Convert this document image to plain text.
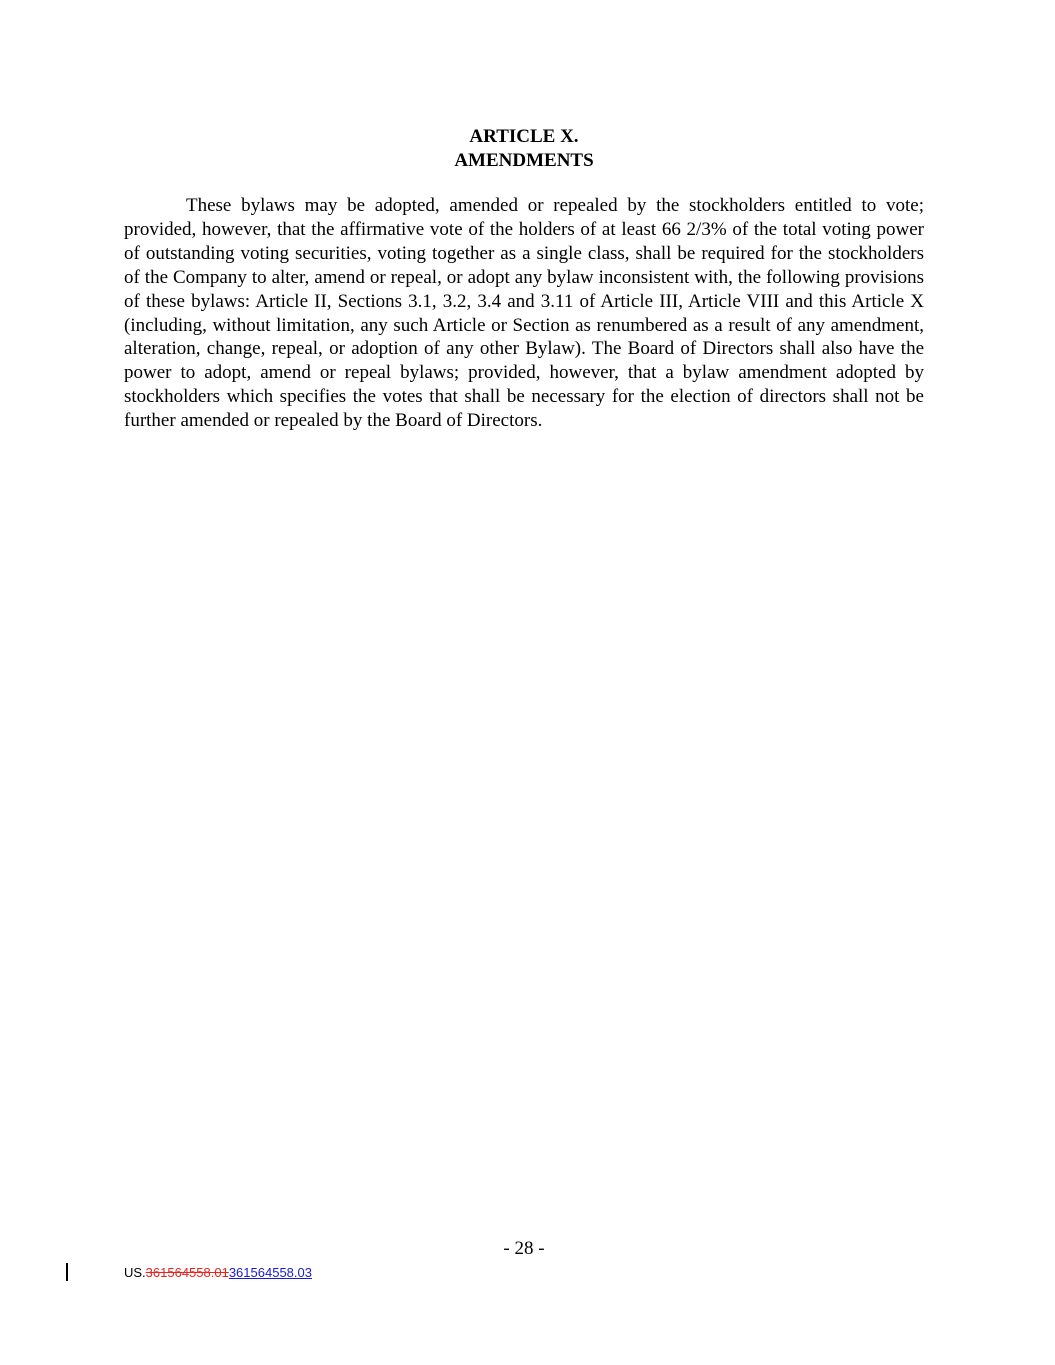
ARTICLE X.
AMENDMENTS

These bylaws may be adopted, amended or repealed by the stockholders entitled to vote; provided, however, that the affirmative vote of the holders of at least 66 2/3% of the total voting power of outstanding voting securities, voting together as a single class, shall be required for the stockholders of the Company to alter, amend or repeal, or adopt any bylaw inconsistent with, the following provisions of these bylaws: Article II, Sections 3.1, 3.2, 3.4 and 3.11 of Article III, Article VIII and this Article X (including, without limitation, any such Article or Section as renumbered as a result of any amendment, alteration, change, repeal, or adoption of any other Bylaw). The Board of Directors shall also have the power to adopt, amend or repeal bylaws; provided, however, that a bylaw amendment adopted by stockholders which specifies the votes that shall be necessary for the election of directors shall not be further amended or repealed by the Board of Directors.

- 28 -
US.361564558.01361564558.03
